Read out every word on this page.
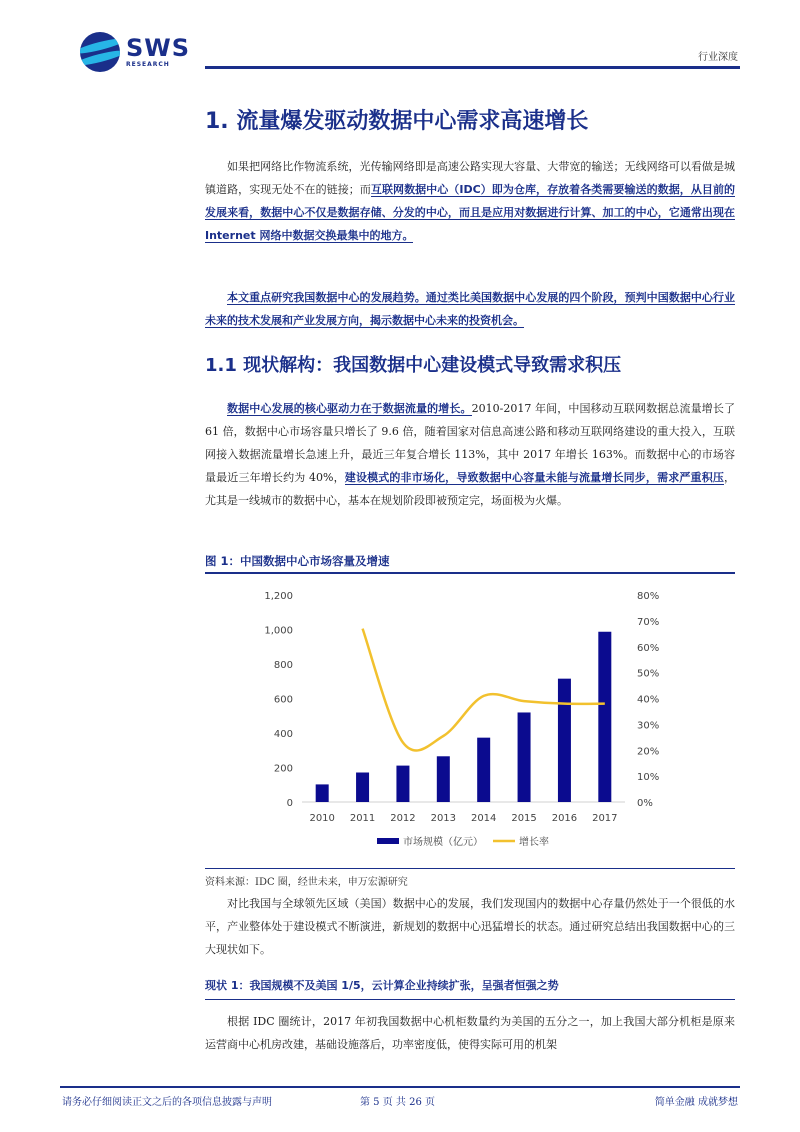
SWS
RESEARCH
行业深度
1. 流量爆发驱动数据中心需求高速增长
如果把网络比作物流系统，光传输网络即是高速公路实现大容量、大带宽的输送；无线网络可以看做是城镇道路，实现无处不在的链接；而互联网数据中心（IDC）即为仓库，存放着各类需要输送的数据，从目前的发展来看，数据中心不仅是数据存储、分发的中心，而且是应用对数据进行计算、加工的中心，它通常出现在 Internet 网络中数据交换最集中的地方。
本文重点研究我国数据中心的发展趋势。通过类比美国数据中心发展的四个阶段，预判中国数据中心行业未来的技术发展和产业发展方向，揭示数据中心未来的投资机会。
1.1 现状解构：我国数据中心建设模式导致需求积压
数据中心发展的核心驱动力在于数据流量的增长。2010-2017 年间，中国移动互联网数据总流量增长了 61 倍，数据中心市场容量只增长了 9.6 倍，随着国家对信息高速公路和移动互联网络建设的重大投入，互联网接入数据流量增长急速上升，最近三年复合增长 113%，其中 2017 年增长 163%。而数据中心的市场容量最近三年增长约为 40%，建设模式的非市场化，导致数据中心容量未能与流量增长同步，需求严重积压，尤其是一线城市的数据中心，基本在规划阶段即被预定完，场面极为火爆。
图 1：中国数据中心市场容量及增速
0
200
400
600
800
1,000
1,200
0%
10%
20%
30%
40%
50%
60%
70%
80%
2010 2011 2012 2013 2014 2015 2016 2017
市场规模（亿元）	增长率
资料来源：IDC 圈，经世未来，申万宏源研究
对比我国与全球领先区域（美国）数据中心的发展，我们发现国内的数据中心存量仍然处于一个很低的水平，产业整体处于建设模式不断演进，新规划的数据中心迅猛增长的状态。通过研究总结出我国数据中心的三大现状如下。
现状 1：我国规模不及美国 1/5，云计算企业持续扩张，呈强者恒强之势
根据 IDC 圈统计，2017 年初我国数据中心机柜数量约为美国的五分之一，加上我国大部分机柜是原来运营商中心机房改建，基础设施落后，功率密度低，使得实际可用的机架
请务必仔细阅读正文之后的各项信息披露与声明	第 5 页 共 26 页	简单金融 成就梦想
